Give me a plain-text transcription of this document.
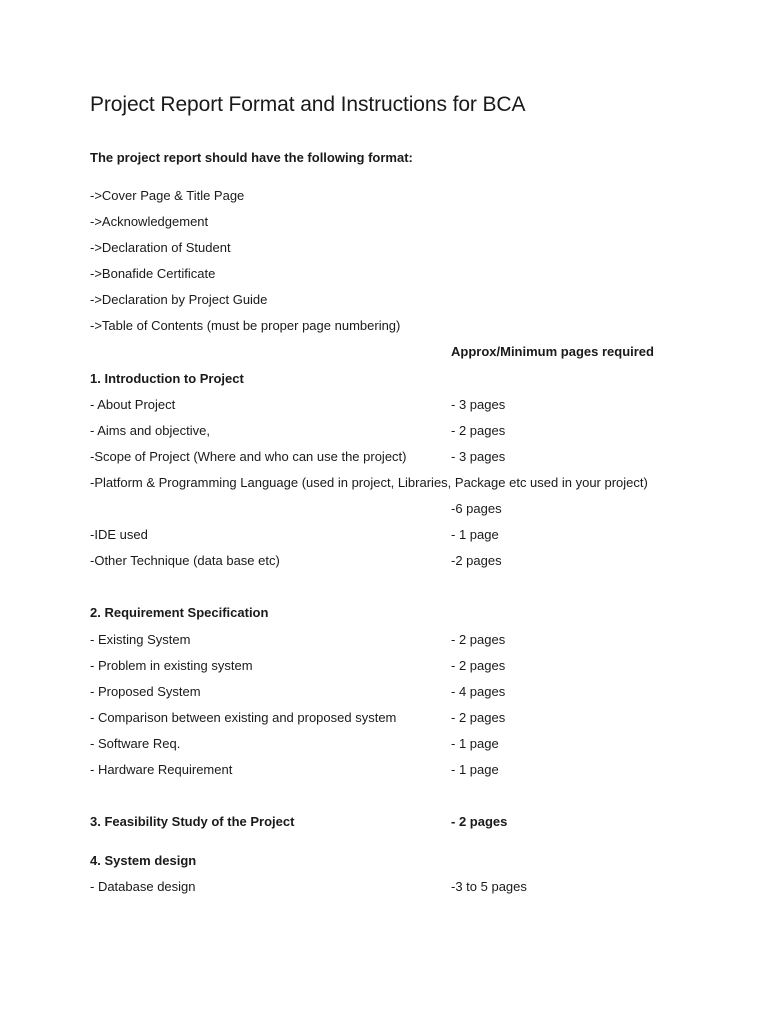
Project Report Format and Instructions for BCA
The project report should have the following format:
->Cover Page & Title Page
->Acknowledgement
->Declaration of Student
->Bonafide Certificate
->Declaration by Project Guide
->Table of Contents (must be proper page numbering)
Approx/Minimum pages required
1. Introduction to Project
- About Project	- 3 pages
- Aims and objective,	- 2 pages
-Scope of Project (Where and who can use the project)	- 3 pages
-Platform & Programming Language (used in project, Libraries, Package etc used in your project)
-6 pages
-IDE used	- 1 page
-Other Technique (data base etc)	-2 pages
2. Requirement Specification
- Existing System	- 2 pages
- Problem in existing system	- 2 pages
- Proposed System	- 4 pages
- Comparison between existing and proposed system	- 2 pages
- Software Req.	- 1 page
- Hardware Requirement	- 1 page
3. Feasibility Study of the Project	- 2 pages
4. System design
- Database design	-3 to 5 pages
